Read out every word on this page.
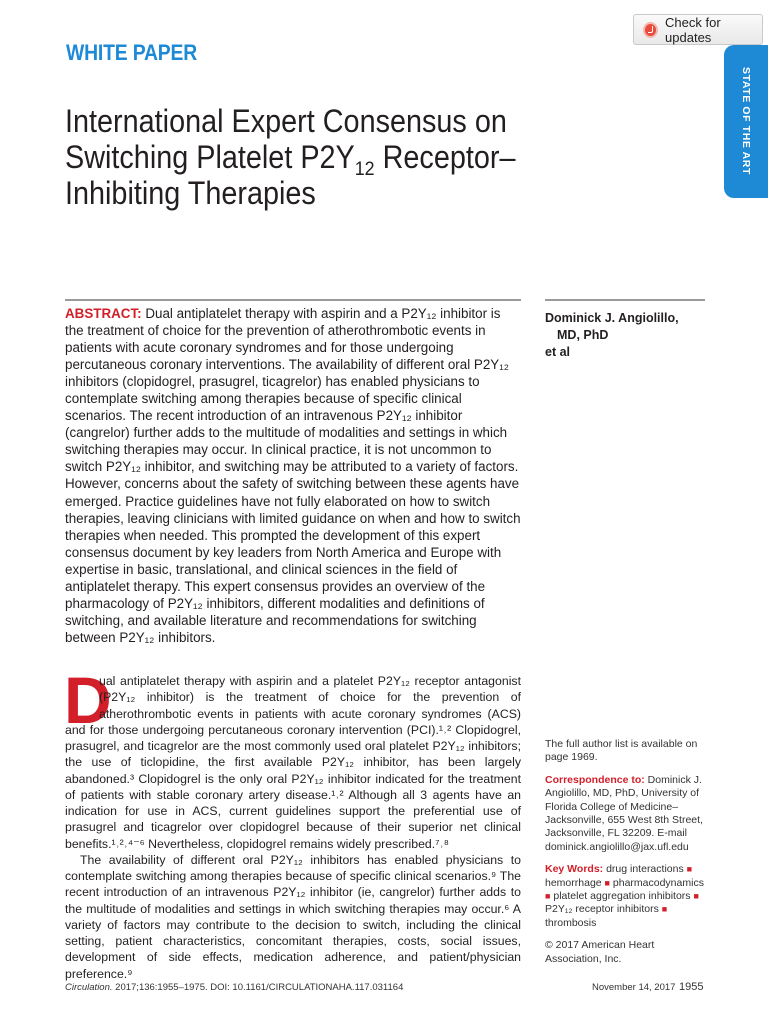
Check for updates
WHITE PAPER
STATE OF THE ART
International Expert Consensus on
Switching Platelet $P2Y_{12}$ Receptor–
Inhibiting Therapies
ABSTRACT: Dual antiplatelet therapy with aspirin and a P2Y₁₂ inhibitor is the treatment of choice for the prevention of atherothrombotic events in patients with acute coronary syndromes and for those undergoing percutaneous coronary interventions. The availability of different oral P2Y₁₂ inhibitors (clopidogrel, prasugrel, ticagrelor) has enabled physicians to contemplate switching among therapies because of specific clinical scenarios. The recent introduction of an intravenous P2Y₁₂ inhibitor (cangrelor) further adds to the multitude of modalities and settings in which switching therapies may occur. In clinical practice, it is not uncommon to switch P2Y₁₂ inhibitor, and switching may be attributed to a variety of factors. However, concerns about the safety of switching between these agents have emerged. Practice guidelines have not fully elaborated on how to switch therapies, leaving clinicians with limited guidance on when and how to switch therapies when needed. This prompted the development of this expert consensus document by key leaders from North America and Europe with expertise in basic, translational, and clinical sciences in the field of antiplatelet therapy. This expert consensus provides an overview of the pharmacology of P2Y₁₂ inhibitors, different modalities and definitions of switching, and available literature and recommendations for switching between P2Y₁₂ inhibitors.
Dominick J. Angiolillo,
MD, PhD
et al
D

ual antiplatelet therapy with aspirin and a platelet P2Y₁₂ receptor antagonist (P2Y₁₂ inhibitor) is the treatment of choice for the prevention of atherothrombotic events in patients with acute coronary syndromes (ACS) and for those undergoing percutaneous coronary intervention (PCI).¹˒² Clopidogrel, prasugrel, and ticagrelor are the most commonly used oral platelet P2Y₁₂ inhibitors; the use of ticlopidine, the first available P2Y₁₂ inhibitor, has been largely abandoned.³ Clopidogrel is the only oral P2Y₁₂ inhibitor indicated for the treatment of patients with stable coronary artery disease.¹˒² Although all 3 agents have an indication for use in ACS, current guidelines support the preferential use of prasugrel and ticagrelor over clopidogrel because of their superior net clinical benefits.¹˒²˒⁴⁻⁶ Nevertheless, clopidogrel remains widely prescribed.⁷˒⁸

The availability of different oral P2Y₁₂ inhibitors has enabled physicians to contemplate switching among therapies because of specific clinical scenarios.⁹ The recent introduction of an intravenous P2Y₁₂ inhibitor (ie, cangrelor) further adds to the multitude of modalities and settings in which switching therapies may occur.⁶ A variety of factors may contribute to the decision to switch, including the clinical setting, patient characteristics, concomitant therapies, costs, social issues, development of side effects, medication adherence, and patient/physician preference.⁹

The full author list is available on page 1969.

Correspondence to: Dominick J. Angiolillo, MD, PhD, University of Florida College of Medicine–Jacksonville, 655 West 8th Street, Jacksonville, FL 32209. E-mail dominick.angiolillo@jax.ufl.edu

Key Words: drug interactions ■ hemorrhage ■ pharmacodynamics ■ platelet aggregation inhibitors ■ P2Y₁₂ receptor inhibitors ■ thrombosis

© 2017 American Heart Association, Inc.

Circulation. 2017;136:1955–1975. DOI: 10.1161/CIRCULATIONAHA.117.031164	November 14, 2017 1955
